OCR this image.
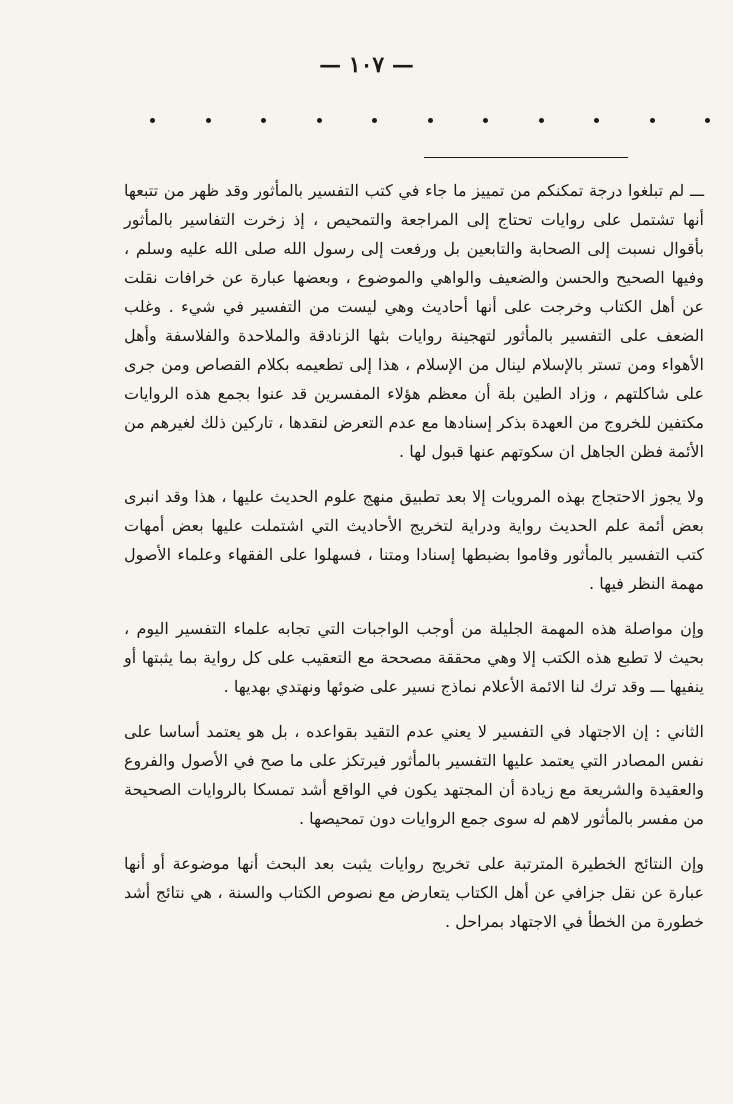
— ١٠٧ —

ـــ لم تبلغوا درجة تمكنكم من تمييز ما جاء في كتب التفسير بالمأثور وقد ظهر من تتبعها أنها تشتمل على روايات تحتاج إلى المراجعة والتمحيص ، إذ زخرت التفاسير بالمأثور بأقوال نسبت إلى الصحابة والتابعين بل ورفعت إلى رسول الله صلى الله عليه وسلم ، وفيها الصحيح والحسن والضعيف والواهي والموضوع ، وبعضها عبارة عن خرافات نقلت عن أهل الكتاب وخرجت على أنها أحاديث وهي ليست من التفسير في شيء . وغلب الضعف على التفسير بالمأثور لتهجينة روايات بثها الزنادقة والملاحدة والفلاسفة وأهل الأهواء ومن تستر بالإسلام لينال من الإسلام ، هذا إلى تطعيمه بكلام القصاص ومن جرى على شاكلتهم ، وزاد الطين بلة أن معظم هؤلاء المفسرين قد عنوا بجمع هذه الروايات مكتفين للخروج من العهدة بذكر إسنادها مع عدم التعرض لنقدها ، تاركين ذلك لغيرهم من الأئمة فظن الجاهل ان سكوتهم عنها قبول لها .

ولا يجوز الاحتجاج بهذه المرويات إلا بعد تطبيق منهج علوم الحديث عليها ، هذا وقد انبرى بعض أئمة علم الحديث رواية ودراية لتخريج الأحاديث التي اشتملت عليها بعض أمهات كتب التفسير بالمأثور وقاموا بضبطها إسنادا ومتنا ، فسهلوا على الفقهاء وعلماء الأصول مهمة النظر فيها .

وإن مواصلة هذه المهمة الجليلة من أوجب الواجبات التي تجابه علماء التفسير اليوم ، بحيث لا تطبع هذه الكتب إلا وهي محققة مصححة مع التعقيب على كل رواية بما يثبتها أو ينفيها ـــ وقد ترك لنا الائمة الأعلام نماذج نسير على ضوئها ونهتدي بهديها .

الثاني : إن الاجتهاد في التفسير لا يعني عدم التقيد بقواعده ، بل هو يعتمد أساسا على نفس المصادر التي يعتمد عليها التفسير بالمأثور فيرتكز على ما صح في الأصول والفروع والعقيدة والشريعة مع زيادة أن المجتهد يكون في الواقع أشد تمسكا بالروايات الصحيحة من مفسر بالمأثور لاهم له سوى جمع الروايات دون تمحيصها .

وإن النتائج الخطيرة المترتبة على تخريج روايات يثبت بعد البحث أنها موضوعة أو أنها عبارة عن نقل جزافي عن أهل الكتاب يتعارض مع نصوص الكتاب والسنة ، هي نتائج أشد خطورة من الخطأ في الاجتهاد بمراحل .
